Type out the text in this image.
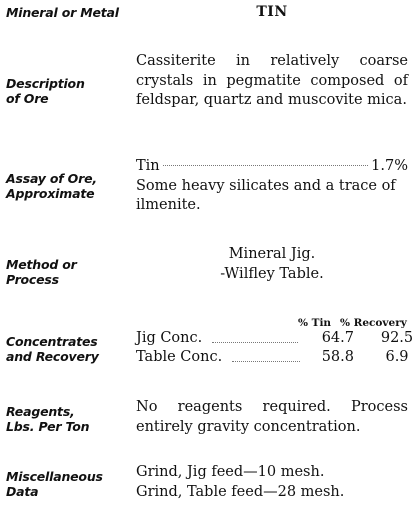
Mineral or Metal	TIN
Description
of Ore
Cassiterite in relatively coarse crystals in pegmatite composed of feldspar, quartz and muscovite mica.
Assay of Ore,
Approximate
Tin	1.7%
Some heavy silicates and a trace of ilmenite.
Method or
Process
Mineral Jig.
-Wilfley Table.
Concentrates
and Recovery
% Tin % Recovery
Jig Conc.	64.7	92.5
Table Conc.	58.8	6.9
Reagents,
Lbs. Per Ton
No reagents required. Process entirely gravity concentration.
Miscellaneous
Data
Grind, Jig feed—10 mesh.
Grind, Table feed—28 mesh.
